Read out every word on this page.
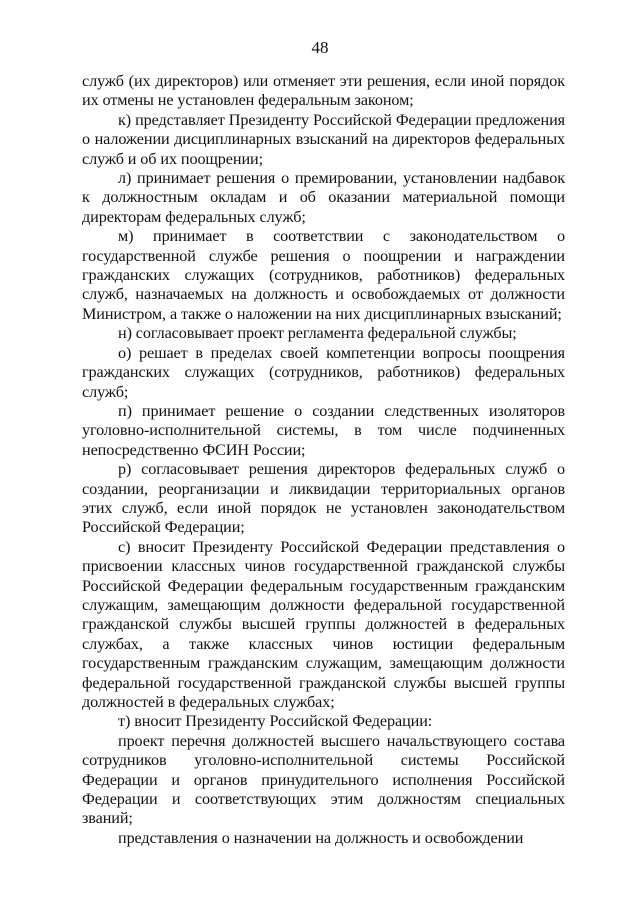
48

служб (их директоров) или отменяет эти решения, если иной порядок их отмены не установлен федеральным законом;

к) представляет Президенту Российской Федерации предложения о наложении дисциплинарных взысканий на директоров федеральных служб и об их поощрении;

л) принимает решения о премировании, установлении надбавок к должностным окладам и об оказании материальной помощи директорам федеральных служб;

м) принимает в соответствии с законодательством о государственной службе решения о поощрении и награждении гражданских служащих (сотрудников, работников) федеральных служб, назначаемых на должность и освобождаемых от должности Министром, а также о наложении на них дисциплинарных взысканий;

н) согласовывает проект регламента федеральной службы;

о) решает в пределах своей компетенции вопросы поощрения гражданских служащих (сотрудников, работников) федеральных служб;

п) принимает решение о создании следственных изоляторов уголовно-исполнительной системы, в том числе подчиненных непосредственно ФСИН России;

р) согласовывает решения директоров федеральных служб о создании, реорганизации и ликвидации территориальных органов этих служб, если иной порядок не установлен законодательством Российской Федерации;

с) вносит Президенту Российской Федерации представления о присвоении классных чинов государственной гражданской службы Российской Федерации федеральным государственным гражданским служащим, замещающим должности федеральной государственной гражданской службы высшей группы должностей в федеральных службах, а также классных чинов юстиции федеральным государственным гражданским служащим, замещающим должности федеральной государственной гражданской службы высшей группы должностей в федеральных службах;

т) вносит Президенту Российской Федерации:

проект перечня должностей высшего начальствующего состава сотрудников уголовно-исполнительной системы Российской Федерации и органов принудительного исполнения Российской Федерации и соответствующих этим должностям специальных званий;

представления о назначении на должность и освобождении
